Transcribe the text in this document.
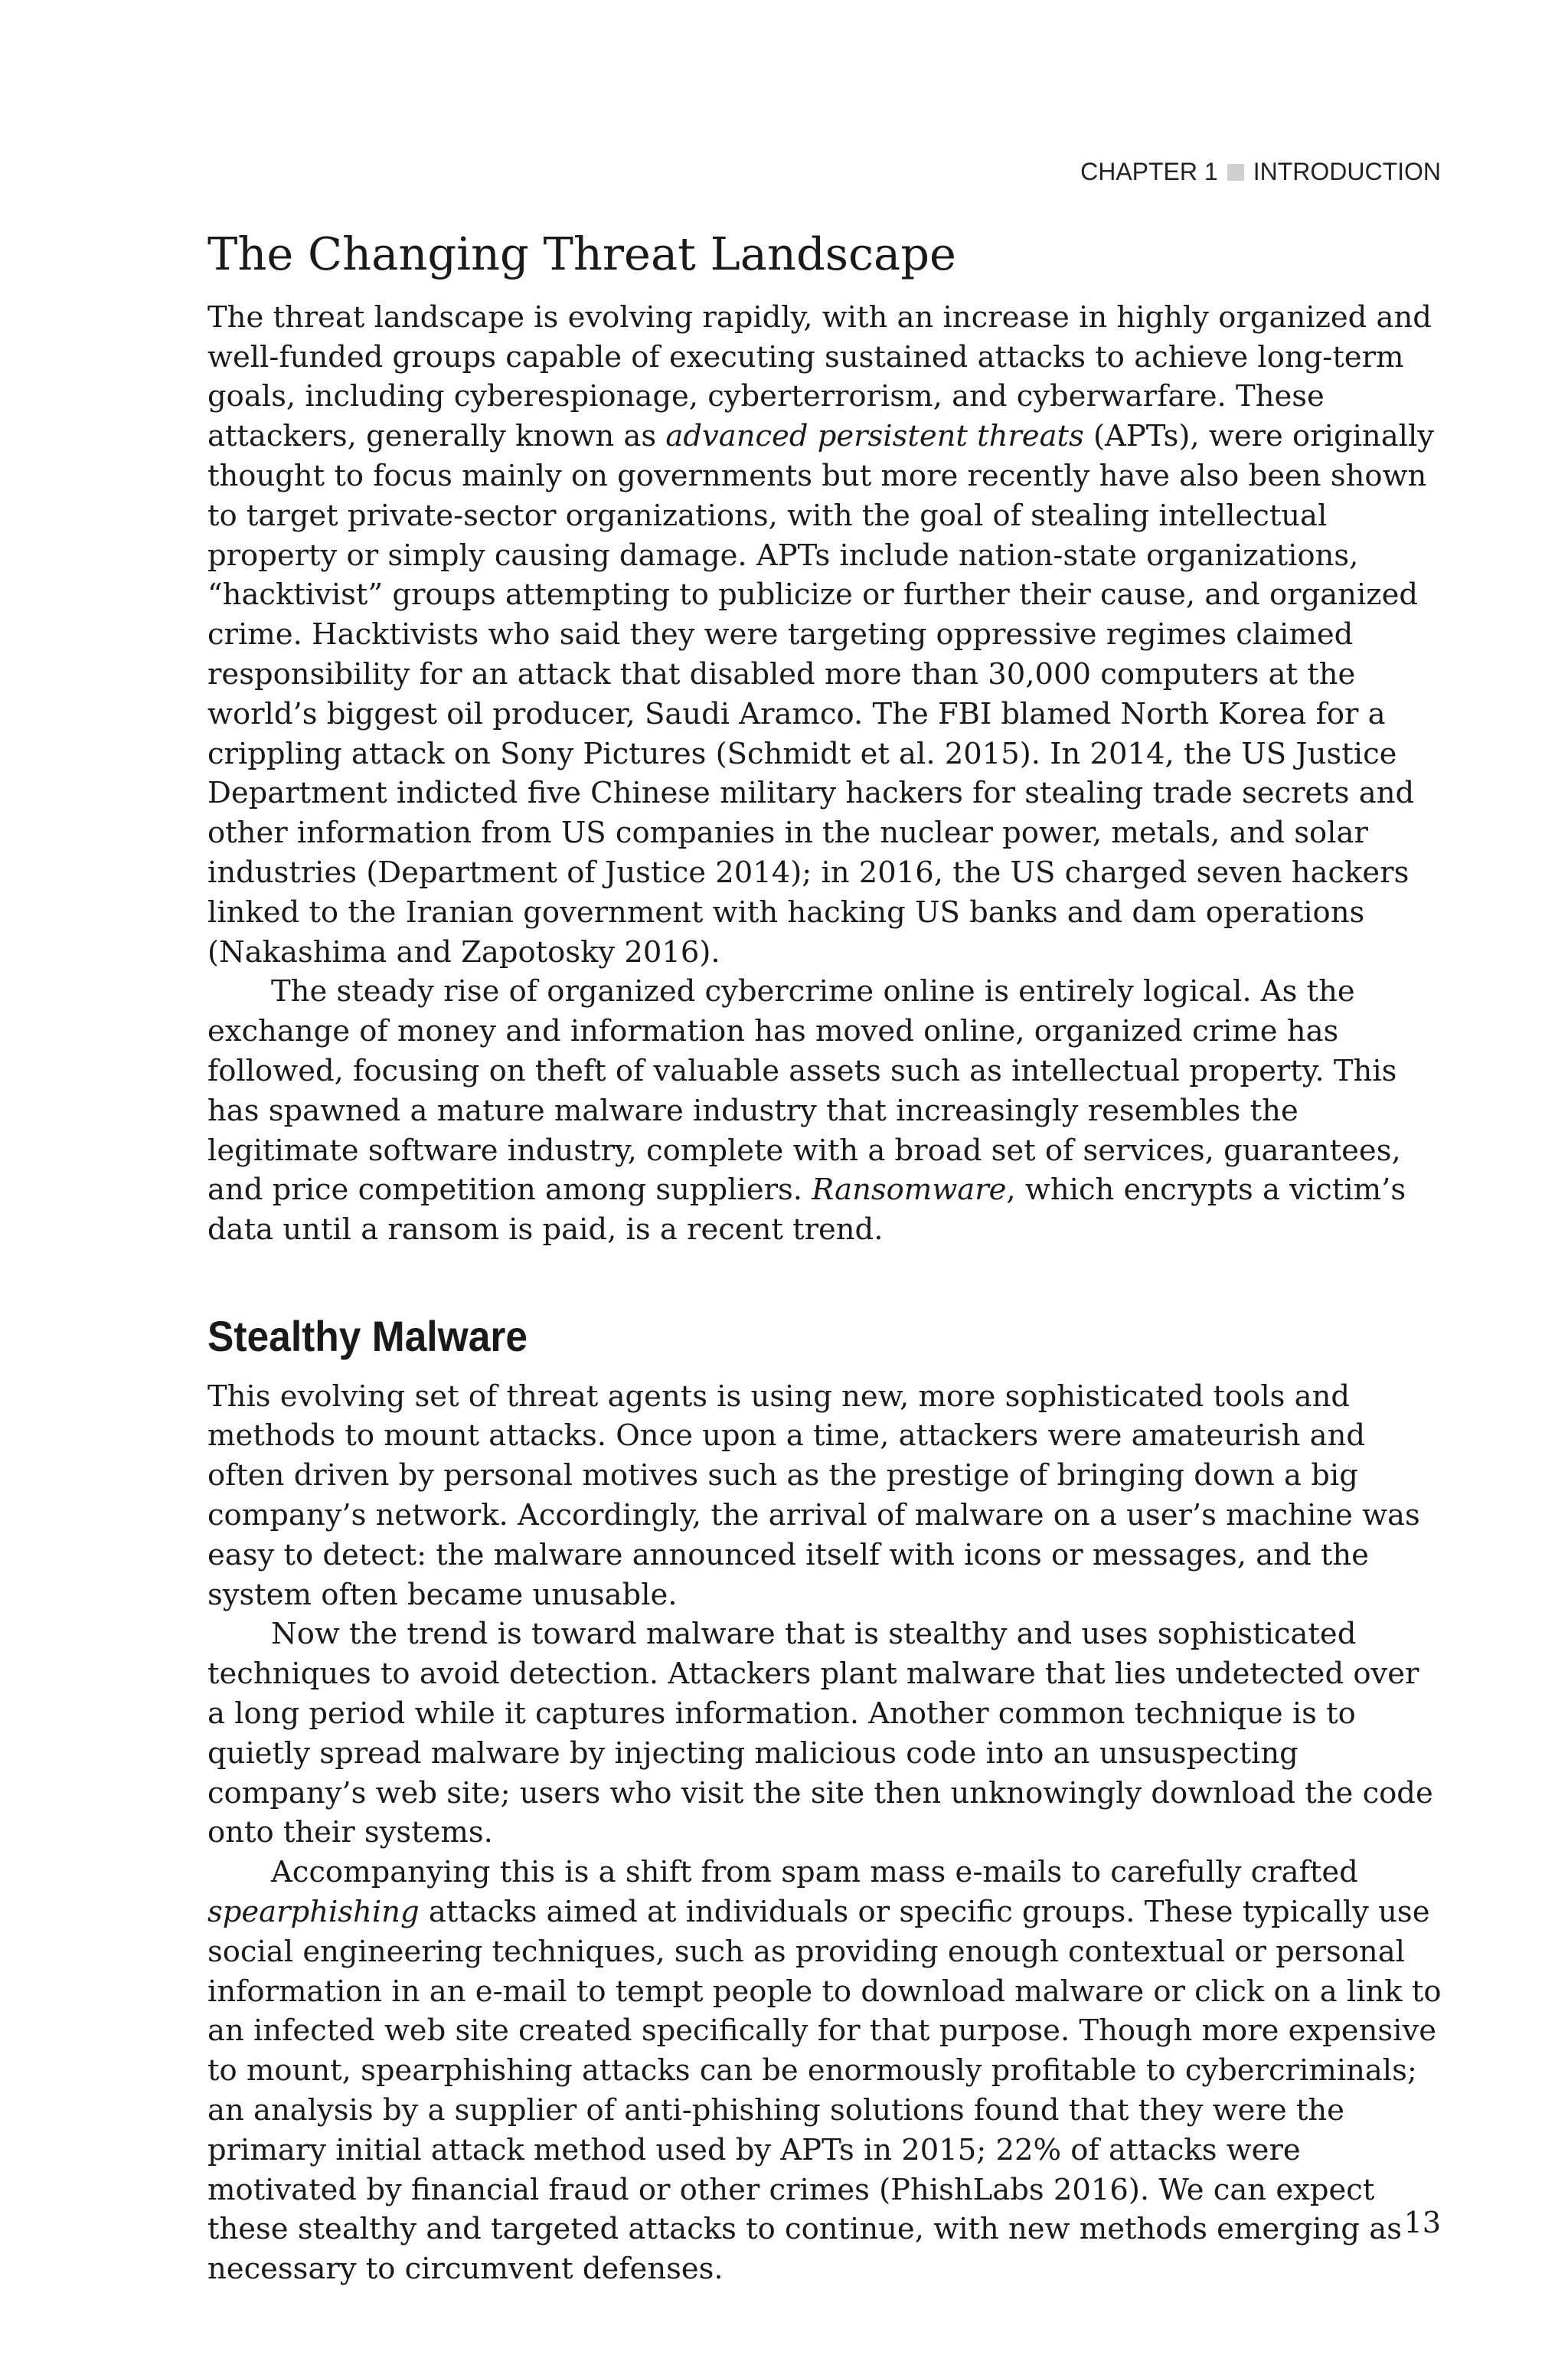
CHAPTER 1 INTRODUCTION
The Changing Threat Landscape

The threat landscape is evolving rapidly, with an increase in highly organized and well-funded groups capable of executing sustained attacks to achieve long-term goals, including cyberespionage, cyberterrorism, and cyberwarfare. These attackers, generally known as advanced persistent threats (APTs), were originally thought to focus mainly on governments but more recently have also been shown to target private-sector organizations, with the goal of stealing intellectual property or simply causing damage. APTs include nation-state organizations, “hacktivist” groups attempting to publicize or further their cause, and organized crime. Hacktivists who said they were targeting oppressive regimes claimed responsibility for an attack that disabled more than 30,000 computers at the world’s biggest oil producer, Saudi Aramco. The FBI blamed North Korea for a crippling attack on Sony Pictures (Schmidt et al. 2015). In 2014, the US Justice Department indicted five Chinese military hackers for stealing trade secrets and other information from US companies in the nuclear power, metals, and solar industries (Department of Justice 2014); in 2016, the US charged seven hackers linked to the Iranian government with hacking US banks and dam operations (Nakashima and Zapotosky 2016).

The steady rise of organized cybercrime online is entirely logical. As the exchange of money and information has moved online, organized crime has followed, focusing on theft of valuable assets such as intellectual property. This has spawned a mature malware industry that increasingly resembles the legitimate software industry, complete with a broad set of services, guarantees, and price competition among suppliers. Ransomware, which encrypts a victim’s data until a ransom is paid, is a recent trend.

Stealthy Malware

This evolving set of threat agents is using new, more sophisticated tools and methods to mount attacks. Once upon a time, attackers were amateurish and often driven by personal motives such as the prestige of bringing down a big company’s network. Accordingly, the arrival of malware on a user’s machine was easy to detect: the malware announced itself with icons or messages, and the system often became unusable.

Now the trend is toward malware that is stealthy and uses sophisticated techniques to avoid detection. Attackers plant malware that lies undetected over a long period while it captures information. Another common technique is to quietly spread malware by injecting malicious code into an unsuspecting company’s web site; users who visit the site then unknowingly download the code onto their systems.

Accompanying this is a shift from spam mass e-mails to carefully crafted spearphishing attacks aimed at individuals or specific groups. These typically use social engineering techniques, such as providing enough contextual or personal information in an e-mail to tempt people to download malware or click on a link to an infected web site created specifically for that purpose. Though more expensive to mount, spearphishing attacks can be enormously profitable to cybercriminals; an analysis by a supplier of anti-phishing solutions found that they were the primary initial attack method used by APTs in 2015; 22% of attacks were motivated by financial fraud or other crimes (PhishLabs 2016). We can expect these stealthy and targeted attacks to continue, with new methods emerging as necessary to circumvent defenses.

13
